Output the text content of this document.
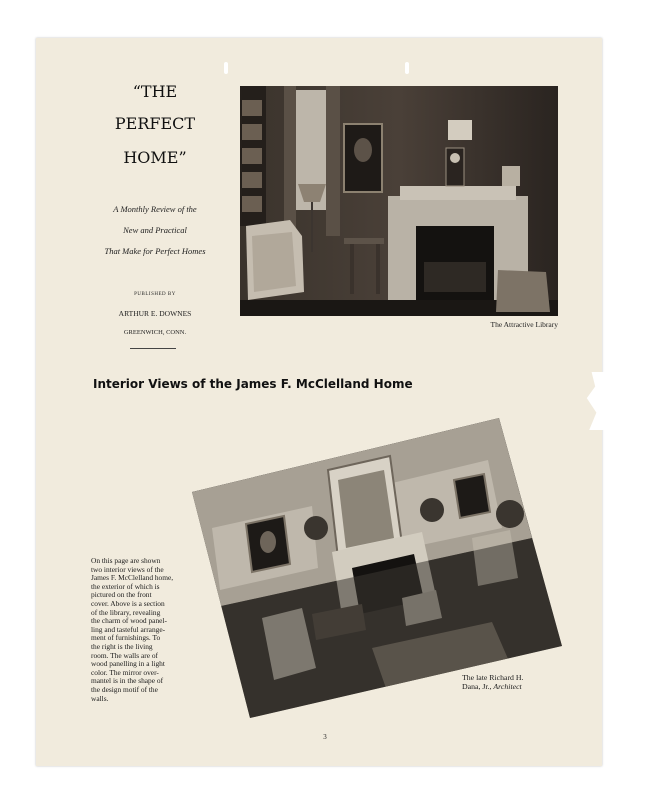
“THE
PERFECT
HOME”
A Monthly Review of the
New and Practical
That Make for Perfect Homes
PUBLISHED BY
ARTHUR E. DOWNES
GREENWICH, CONN.
The Attractive Library
Interior Views of the James F. McClelland Home
On this page are shown
two interior views of the
James F. McClelland home,
the exterior of which is
pictured on the front
cover. Above is a section
of the library, revealing
the charm of wood panel-
ling and tasteful arrange-
ment of furnishings. To
the right is the living
room. The walls are of
wood panelling in a light
color. The mirror over-
mantel is in the shape of
the design motif of the
walls.
The late Richard H.
Dana, Jr., Architect
3
